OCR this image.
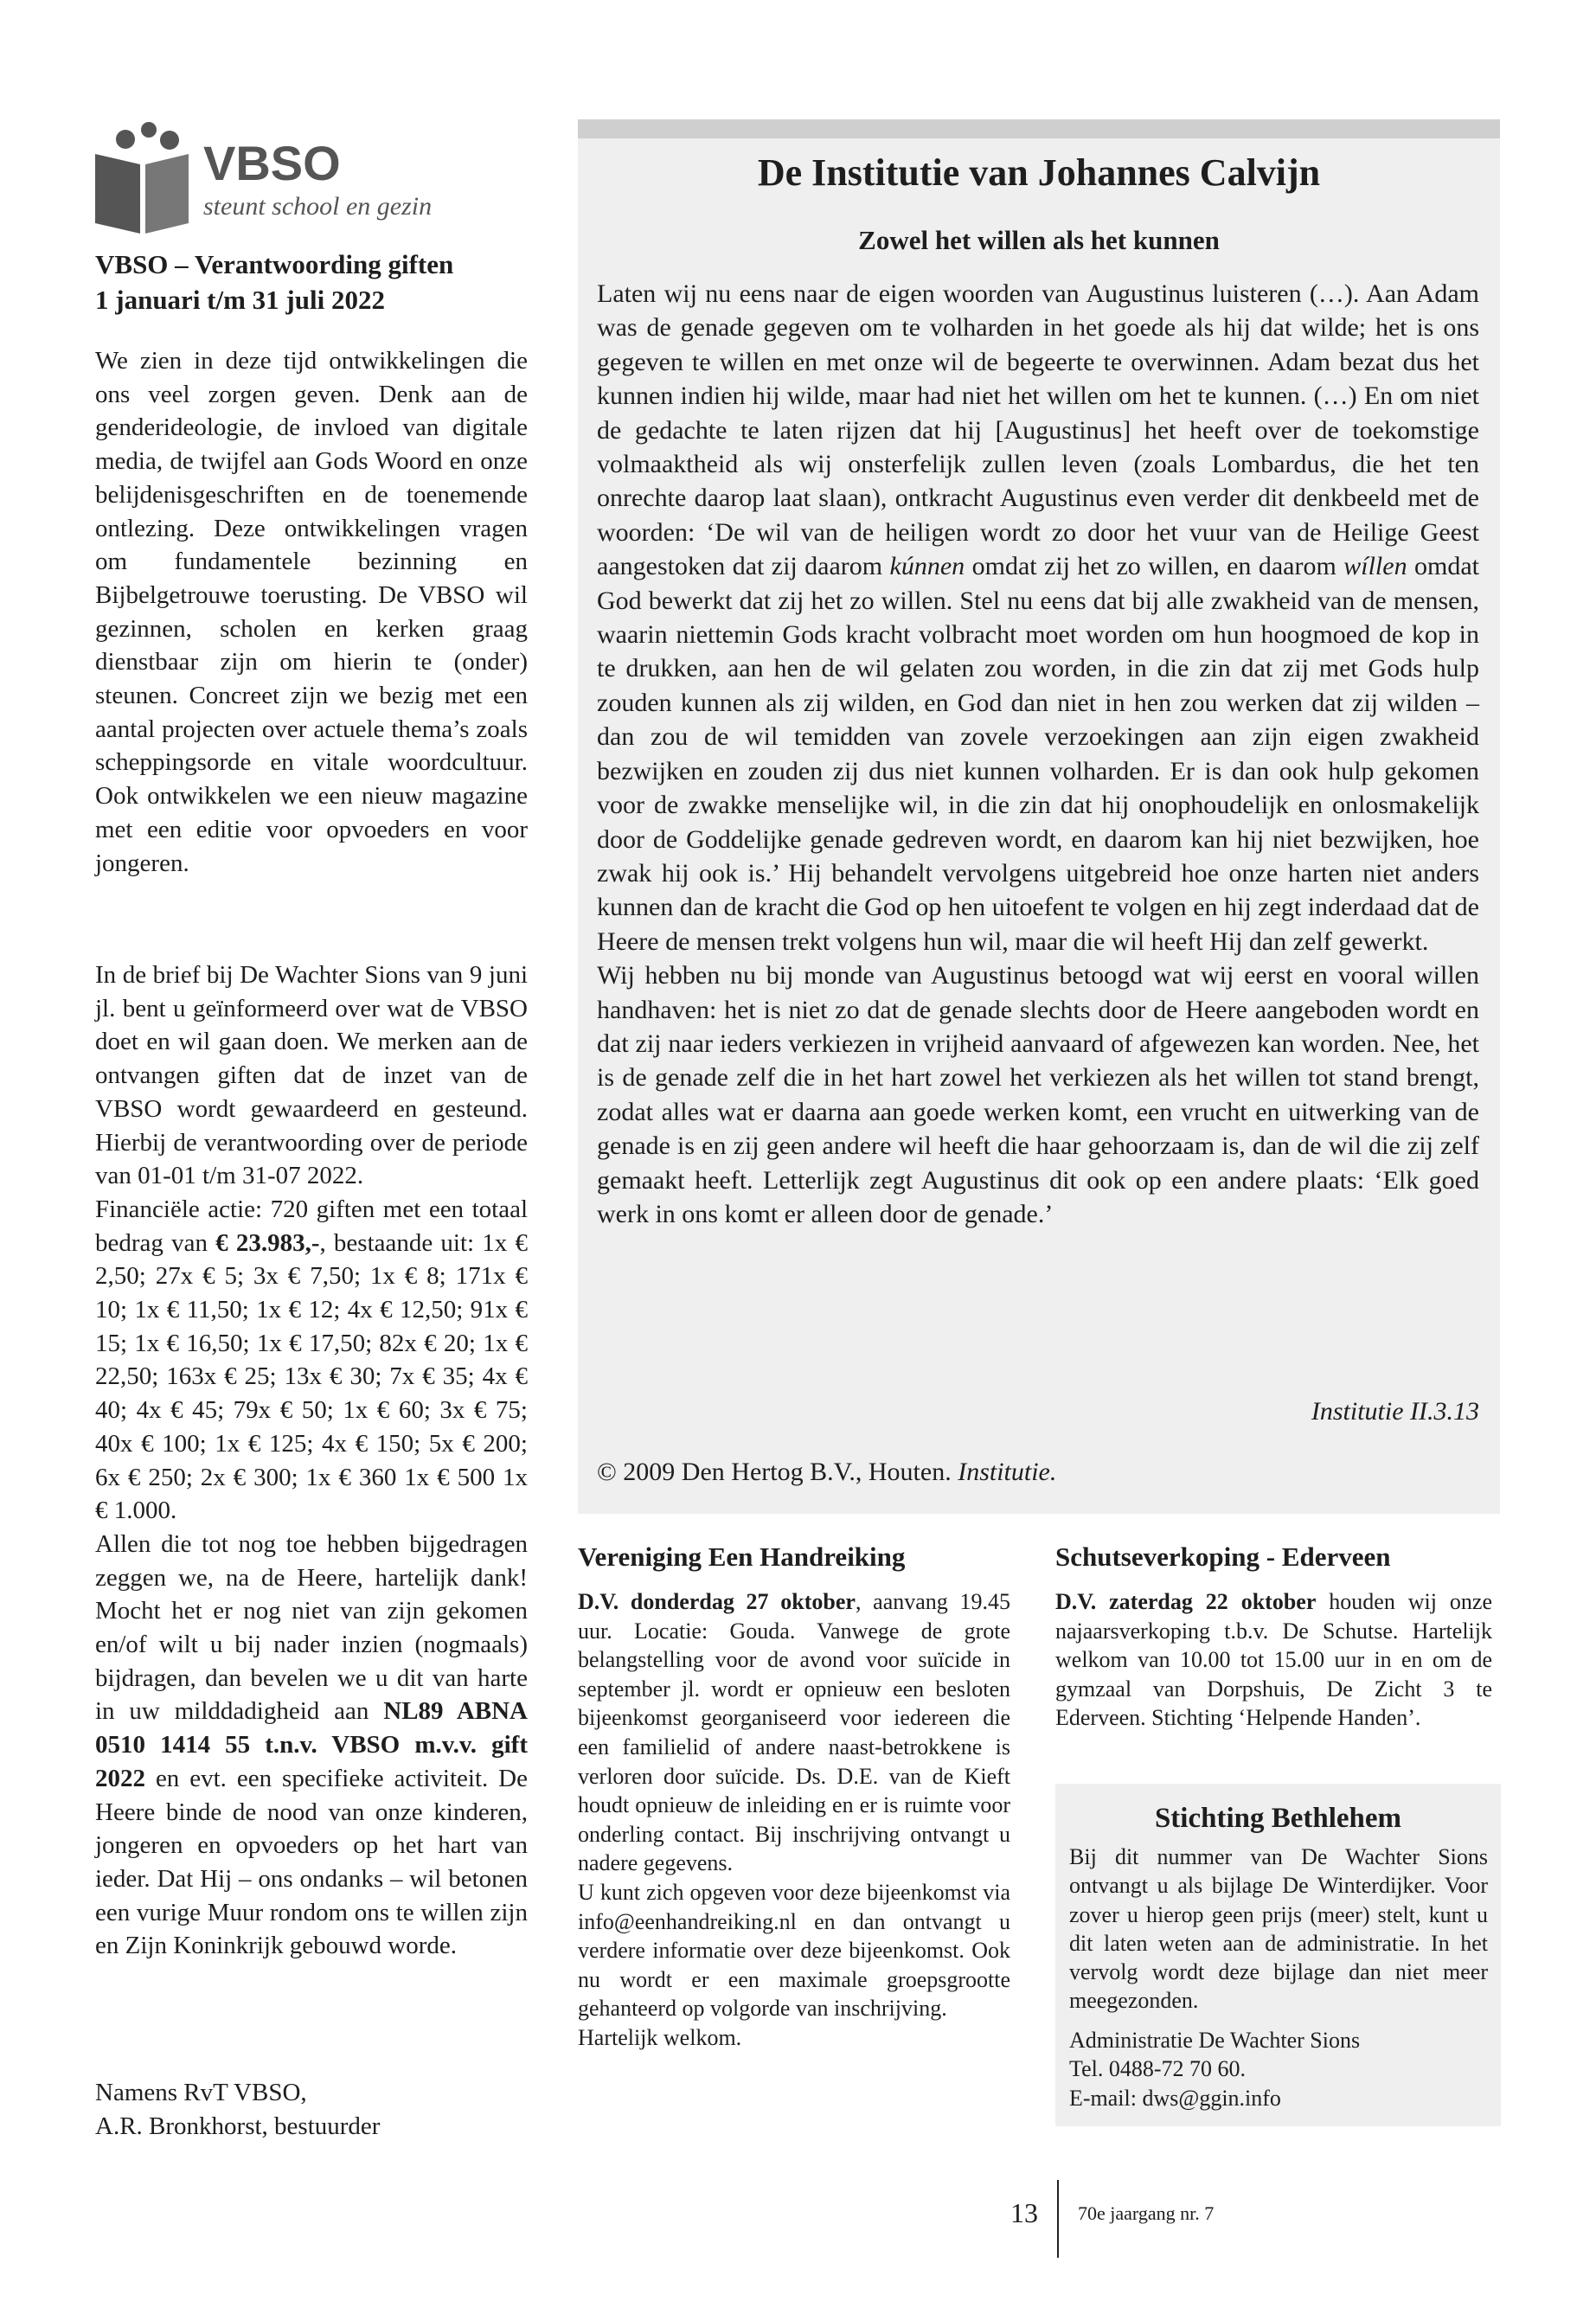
VBSO
steunt school en gezin
VBSO – Verantwoording giften
1 januari t/m 31 juli 2022

We zien in deze tijd ontwikkelingen die ons veel zorgen geven. Denk aan de genderideologie, de invloed van digitale media, de twijfel aan Gods Woord en onze belijdenisgeschriften en de toenemende ontlezing. Deze ontwikkelingen vragen om fundamentele bezinning en Bijbelgetrouwe toerusting. De VBSO wil gezinnen, scholen en kerken graag dienstbaar zijn om hierin te (onder) steunen. Concreet zijn we bezig met een aantal projecten over actuele thema’s zoals scheppingsorde en vitale woordcultuur. Ook ontwikkelen we een nieuw magazine met een editie voor opvoeders en voor jongeren.

In de brief bij De Wachter Sions van 9 juni jl. bent u geïnformeerd over wat de VBSO doet en wil gaan doen. We merken aan de ontvangen giften dat de inzet van de VBSO wordt gewaardeerd en gesteund. Hierbij de verantwoording over de periode van 01-01 t/m 31-07 2022.
Financiële actie: 720 giften met een totaal bedrag van € 23.983,-, bestaande uit: 1x € 2,50; 27x € 5; 3x € 7,50; 1x € 8; 171x € 10; 1x € 11,50; 1x € 12; 4x € 12,50; 91x € 15; 1x € 16,50; 1x € 17,50; 82x € 20; 1x € 22,50; 163x € 25; 13x € 30; 7x € 35; 4x € 40; 4x € 45; 79x € 50; 1x € 60; 3x € 75; 40x € 100; 1x € 125; 4x € 150; 5x € 200; 6x € 250; 2x € 300; 1x € 360 1x € 500 1x € 1.000.
Allen die tot nog toe hebben bijgedragen zeggen we, na de Heere, hartelijk dank! Mocht het er nog niet van zijn gekomen en/of wilt u bij nader inzien (nogmaals) bijdragen, dan bevelen we u dit van harte in uw milddadigheid aan NL89 ABNA 0510 1414 55 t.n.v. VBSO m.v.v. gift 2022 en evt. een specifieke activiteit. De Heere binde de nood van onze kinderen, jongeren en opvoeders op het hart van ieder. Dat Hij – ons ondanks – wil betonen een vurige Muur rondom ons te willen zijn en Zijn Koninkrijk gebouwd worde.
Namens RvT VBSO,
A.R. Bronkhorst, bestuurder
De Institutie van Johannes Calvijn
Zowel het willen als het kunnen

Laten wij nu eens naar de eigen woorden van Augustinus luisteren (…). Aan Adam was de genade gegeven om te volharden in het goede als hij dat wilde; het is ons gegeven te willen en met onze wil de begeerte te overwinnen. Adam bezat dus het kunnen indien hij wilde, maar had niet het willen om het te kunnen. (…) En om niet de gedachte te laten rijzen dat hij [Augustinus] het heeft over de toekomstige volmaaktheid als wij onsterfelijk zullen leven (zoals Lombardus, die het ten onrechte daarop laat slaan), ontkracht Augustinus even verder dit denkbeeld met de woorden: ‘De wil van de heiligen wordt zo door het vuur van de Heilige Geest aangestoken dat zij daarom kúnnen omdat zij het zo willen, en daarom wíllen omdat God bewerkt dat zij het zo willen. Stel nu eens dat bij alle zwakheid van de mensen, waarin niettemin Gods kracht volbracht moet worden om hun hoogmoed de kop in te drukken, aan hen de wil gelaten zou worden, in die zin dat zij met Gods hulp zouden kunnen als zij wilden, en God dan niet in hen zou werken dat zij wilden – dan zou de wil temidden van zovele verzoekingen aan zijn eigen zwakheid bezwijken en zouden zij dus niet kunnen volharden. Er is dan ook hulp gekomen voor de zwakke menselijke wil, in die zin dat hij onophoudelijk en onlosmakelijk door de Goddelijke genade gedreven wordt, en daarom kan hij niet bezwijken, hoe zwak hij ook is.’ Hij behandelt vervolgens uitgebreid hoe onze harten niet anders kunnen dan de kracht die God op hen uitoefent te volgen en hij zegt inderdaad dat de Heere de mensen trekt volgens hun wil, maar die wil heeft Hij dan zelf gewerkt.

Wij hebben nu bij monde van Augustinus betoogd wat wij eerst en vooral willen handhaven: het is niet zo dat de genade slechts door de Heere aangeboden wordt en dat zij naar ieders verkiezen in vrijheid aanvaard of afgewezen kan worden. Nee, het is de genade zelf die in het hart zowel het verkiezen als het willen tot stand brengt, zodat alles wat er daarna aan goede werken komt, een vrucht en uitwerking van de genade is en zij geen andere wil heeft die haar gehoorzaam is, dan de wil die zij zelf gemaakt heeft. Letterlijk zegt Augustinus dit ook op een andere plaats: ‘Elk goed werk in ons komt er alleen door de genade.’

Institutie II.3.13
© 2009 Den Hertog B.V., Houten. Institutie.
Vereniging Een Handreiking

D.V. donderdag 27 oktober, aanvang 19.45 uur. Locatie: Gouda. Vanwege de grote belangstelling voor de avond voor suïcide in september jl. wordt er opnieuw een besloten bijeenkomst georganiseerd voor iedereen die een familielid of andere naast-betrokkene is verloren door suïcide. Ds. D.E. van de Kieft houdt opnieuw de inleiding en er is ruimte voor onderling contact. Bij inschrijving ontvangt u nadere gegevens.

U kunt zich opgeven voor deze bijeenkomst via info@eenhandreiking.nl en dan ontvangt u verdere informatie over deze bijeenkomst. Ook nu wordt er een maximale groepsgrootte gehanteerd op volgorde van inschrijving.

Hartelijk welkom.

Schutseverkoping - Ederveen
D.V. zaterdag 22 oktober houden wij onze najaarsverkoping t.b.v. De Schutse. Hartelijk welkom van 10.00 tot 15.00 uur in en om de gymzaal van Dorpshuis, De Zicht 3 te Ederveen. Stichting ‘Helpende Handen’.
Stichting Bethlehem
Bij dit nummer van De Wachter Sions ontvangt u als bijlage De Winterdijker. Voor zover u hierop geen prijs (meer) stelt, kunt u dit laten weten aan de administratie. In het vervolg wordt deze bijlage dan niet meer meegezonden.
Administratie De Wachter Sions
Tel. 0488-72 70 60.
E-mail: dws@ggin.info
13 70e jaargang nr. 7
